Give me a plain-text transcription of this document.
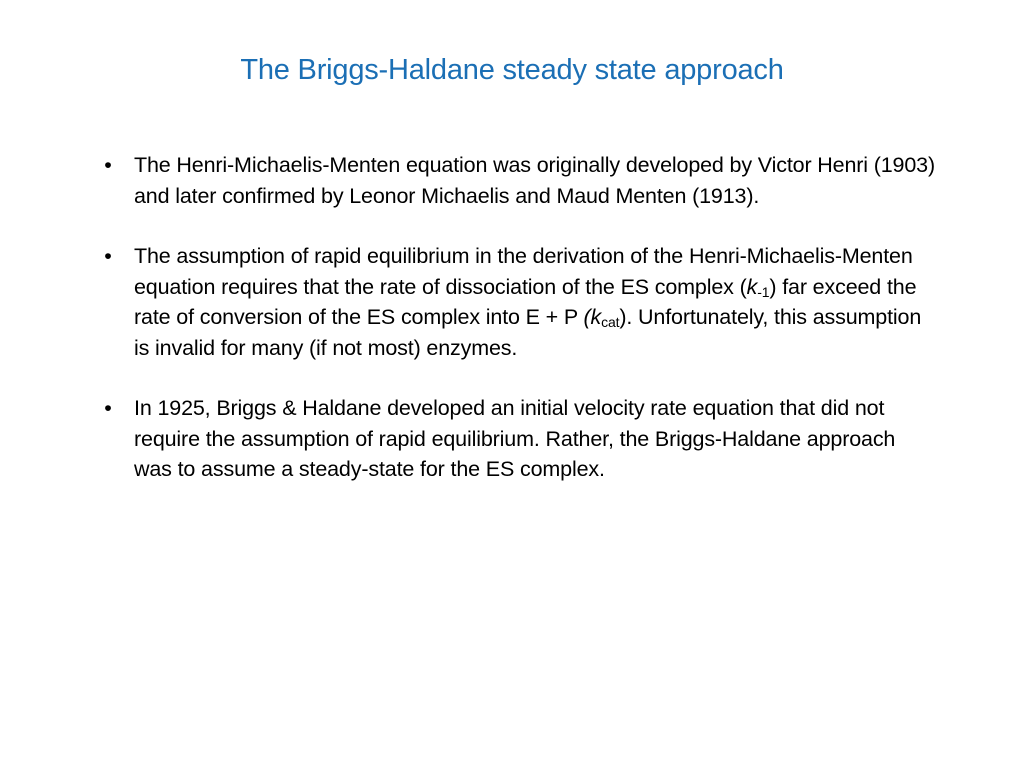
The Briggs-Haldane steady state approach
• The Henri-Michaelis-Menten equation was originally developed by Victor Henri (1903) and later confirmed by Leonor Michaelis and Maud Menten (1913).
• The assumption of rapid equilibrium in the derivation of the Henri-Michaelis-Menten equation requires that the rate of dissociation of the ES complex $(k_{-1})$ far exceed the rate of conversion of the ES complex into E + P $(k_{cat})$. Unfortunately, this assumption is invalid for many (if not most) enzymes.
• In 1925, Briggs & Haldane developed an initial velocity rate equation that did not require the assumption of rapid equilibrium. Rather, the Briggs-Haldane approach was to assume a steady-state for the ES complex.
